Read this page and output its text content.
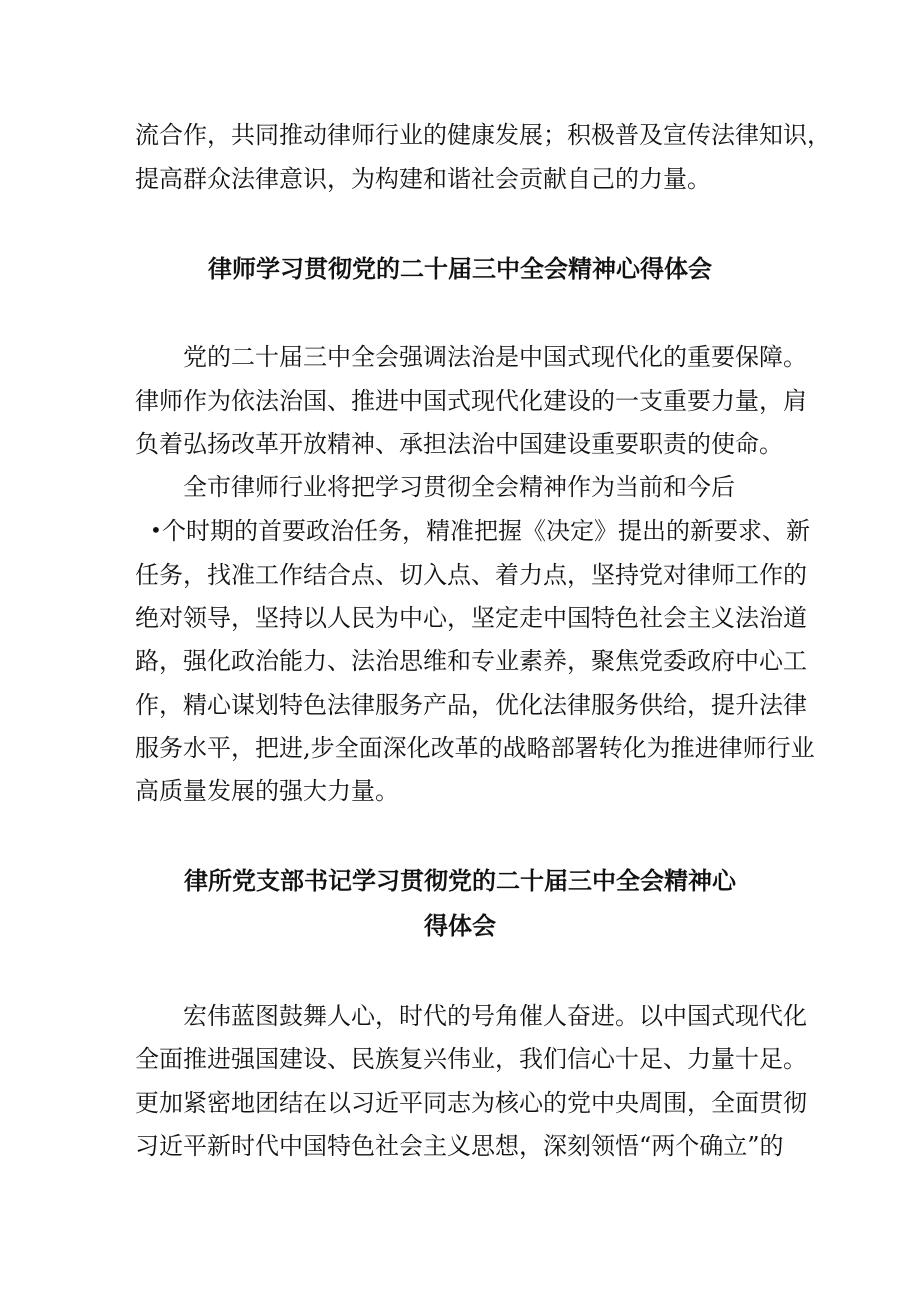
流合作，共同推动律师行业的健康发展；积极普及宣传法律知识，
提高群众法律意识，为构建和谐社会贡献自己的力量。
律师学习贯彻党的二十届三中全会精神心得体会
党的二十届三中全会强调法治是中国式现代化的重要保障。
律师作为依法治国、推进中国式现代化建设的一支重要力量，肩
负着弘扬改革开放精神、承担法治中国建设重要职责的使命。
全市律师行业将把学习贯彻全会精神作为当前和今后
• 个时期的首要政治任务，精准把握《决定》提出的新要求、新
任务，找准工作结合点、切入点、着力点，坚持党对律师工作的
绝对领导，坚持以人民为中心，坚定走中国特色社会主义法治道
路，强化政治能力、法治思维和专业素养，聚焦党委政府中心工
作，精心谋划特色法律服务产品，优化法律服务供给，提升法律
服务水平，把进,步全面深化改革的战略部署转化为推进律师行业
高质量发展的强大力量。
律所党支部书记学习贯彻党的二十届三中全会精神心
得体会
宏伟蓝图鼓舞人心，时代的号角催人奋进。以中国式现代化
全面推进强国建设、民族复兴伟业，我们信心十足、力量十足。
更加紧密地团结在以习近平同志为核心的党中央周围，全面贯彻
习近平新时代中国特色社会主义思想，深刻领悟“两个确立”的
